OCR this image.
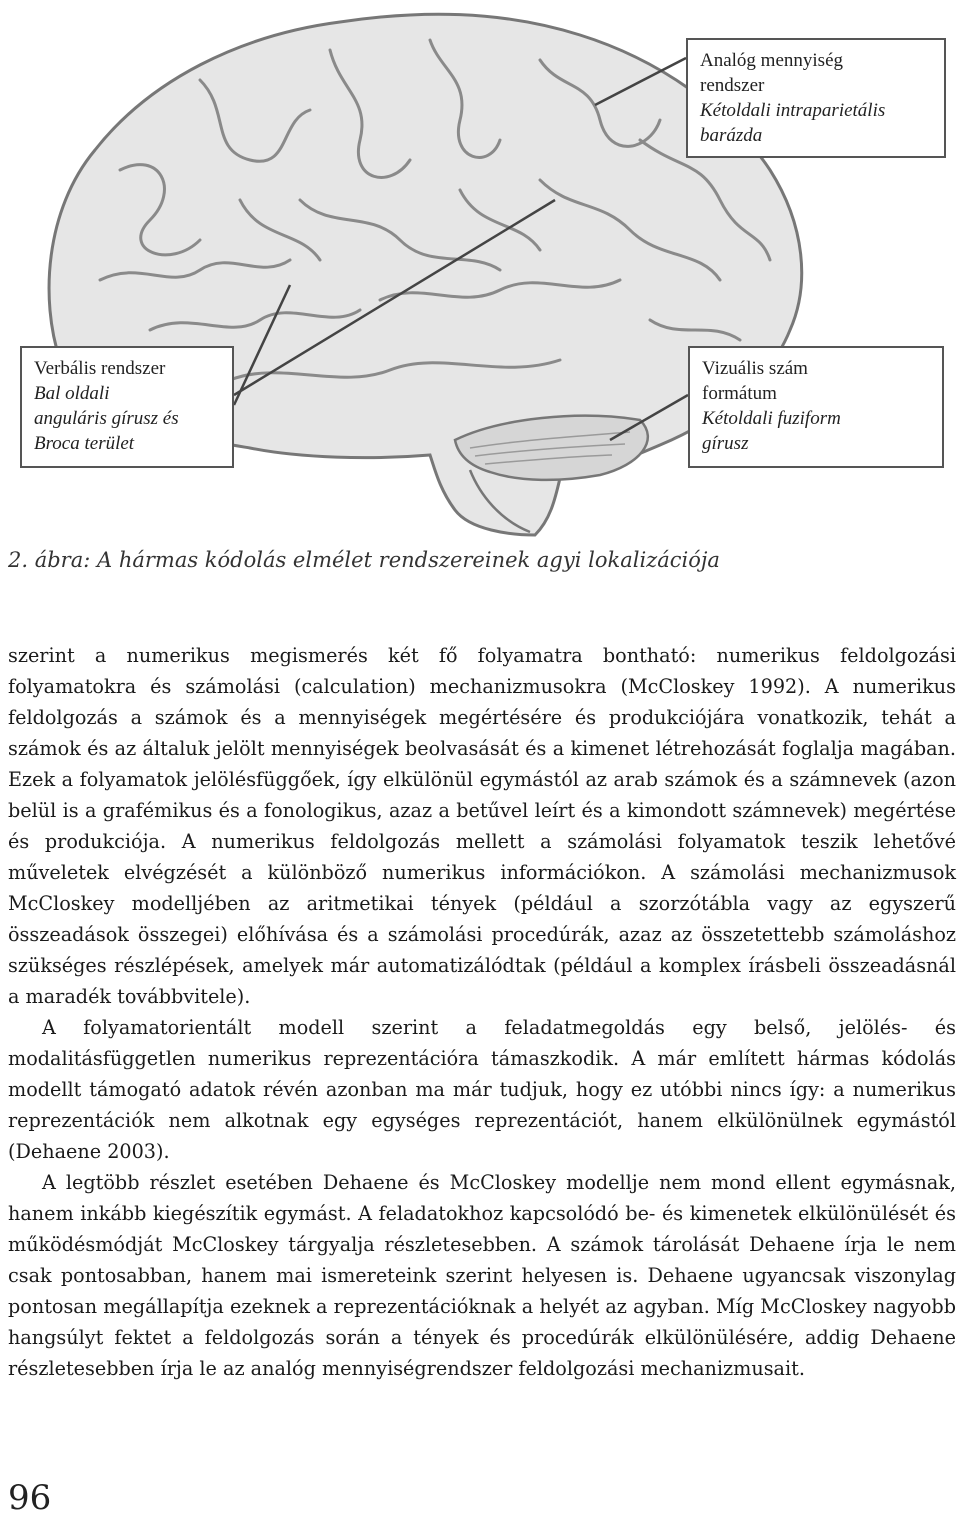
Analóg mennyiség
rendszer
Kétoldali intraparietális
barázda
Verbális rendszer
Bal oldali
anguláris gírusz és
Broca terület
Vizuális szám
formátum
Kétoldali fuziform
gírusz
2. ábra: A hármas kódolás elmélet rendszereinek agyi lokalizációja

szerint a numerikus megismerés két fő folyamatra bontható: numerikus feldolgozási folyamatokra és számolási (calculation) mechanizmusokra (McCloskey 1992). A numerikus feldolgozás a számok és a mennyiségek megértésére és produkciójára vonatkozik, tehát a számok és az általuk jelölt mennyiségek beolvasását és a kimenet létrehozását foglalja magában. Ezek a folyamatok jelölésfüggőek, így elkülönül egymástól az arab számok és a számnevek (azon belül is a grafémikus és a fonologikus, azaz a betűvel leírt és a kimondott számnevek) megértése és produkciója. A numerikus feldolgozás mellett a számolási folyamatok teszik lehetővé műveletek elvégzését a különböző numerikus információkon. A számolási mechanizmusok McCloskey modelljében az aritmetikai tények (például a szorzótábla vagy az egyszerű összeadások összegei) előhívása és a számolási procedúrák, azaz az összetettebb számoláshoz szükséges részlépések, amelyek már automatizálódtak (például a komplex írásbeli összeadásnál a maradék továbbvitele).

A folyamatorientált modell szerint a feladatmegoldás egy belső, jelölés- és modalitásfüggetlen numerikus reprezentációra támaszkodik. A már említett hármas kódolás modellt támogató adatok révén azonban ma már tudjuk, hogy ez utóbbi nincs így: a numerikus reprezentációk nem alkotnak egy egységes reprezentációt, hanem elkülönülnek egymástól (Dehaene 2003).

A legtöbb részlet esetében Dehaene és McCloskey modellje nem mond ellent egymásnak, hanem inkább kiegészítik egymást. A feladatokhoz kapcsolódó be- és kimenetek elkülönülését és működésmódját McCloskey tárgyalja részletesebben. A számok tárolását Dehaene írja le nem csak pontosabban, hanem mai ismereteink szerint helyesen is. Dehaene ugyancsak viszonylag pontosan megállapítja ezeknek a reprezentációknak a helyét az agyban. Míg McCloskey nagyobb hangsúlyt fektet a feldolgozás során a tények és procedúrák elkülönülésére, addig Dehaene részletesebben írja le az analóg mennyiségrendszer feldolgozási mechanizmusait.

96
